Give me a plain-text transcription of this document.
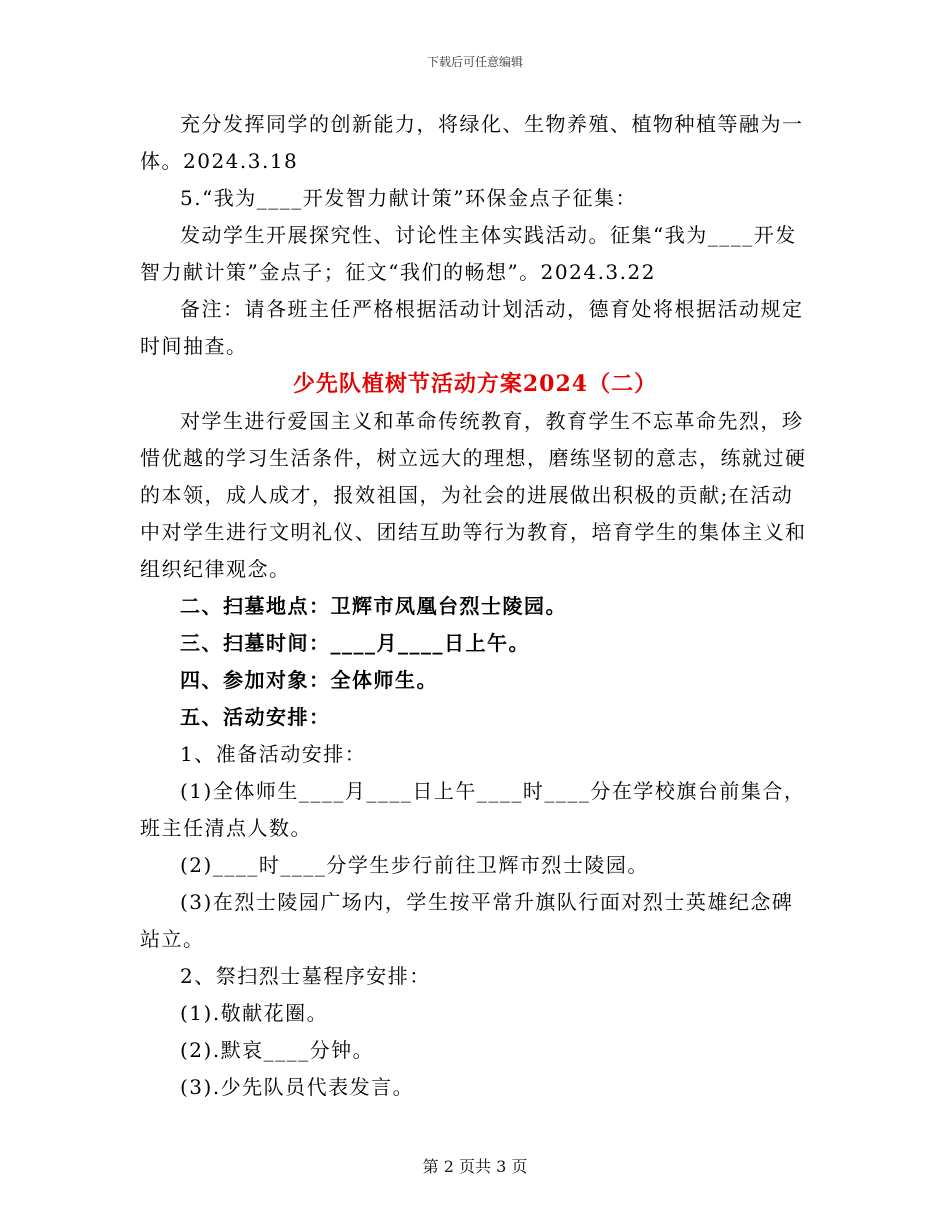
下载后可任意编辑

充分发挥同学的创新能力，将绿化、生物养殖、植物种植等融为一体。2024.3.18

5.“我为____开发智力献计策”环保金点子征集：

发动学生开展探究性、讨论性主体实践活动。征集“我为____开发智力献计策”金点子；征文“我们的畅想”。2024.3.22

备注：请各班主任严格根据活动计划活动，德育处将根据活动规定时间抽查。

少先队植树节活动方案2024（二）

对学生进行爱国主义和革命传统教育，教育学生不忘革命先烈，珍惜优越的学习生活条件，树立远大的理想，磨练坚韧的意志，练就过硬的本领，成人成才，报效祖国，为社会的进展做出积极的贡献;在活动中对学生进行文明礼仪、团结互助等行为教育，培育学生的集体主义和组织纪律观念。

二、扫墓地点：卫辉市凤凰台烈士陵园。

三、扫墓时间：____月____日上午。

四、参加对象：全体师生。

五、活动安排：

1、准备活动安排：

(1)全体师生____月____日上午____时____分在学校旗台前集合，班主任清点人数。

(2)____时____分学生步行前往卫辉市烈士陵园。

(3)在烈士陵园广场内，学生按平常升旗队行面对烈士英雄纪念碑站立。

2、祭扫烈士墓程序安排：

(1).敬献花圈。

(2).默哀____分钟。

(3).少先队员代表发言。

第 2 页共 3 页
